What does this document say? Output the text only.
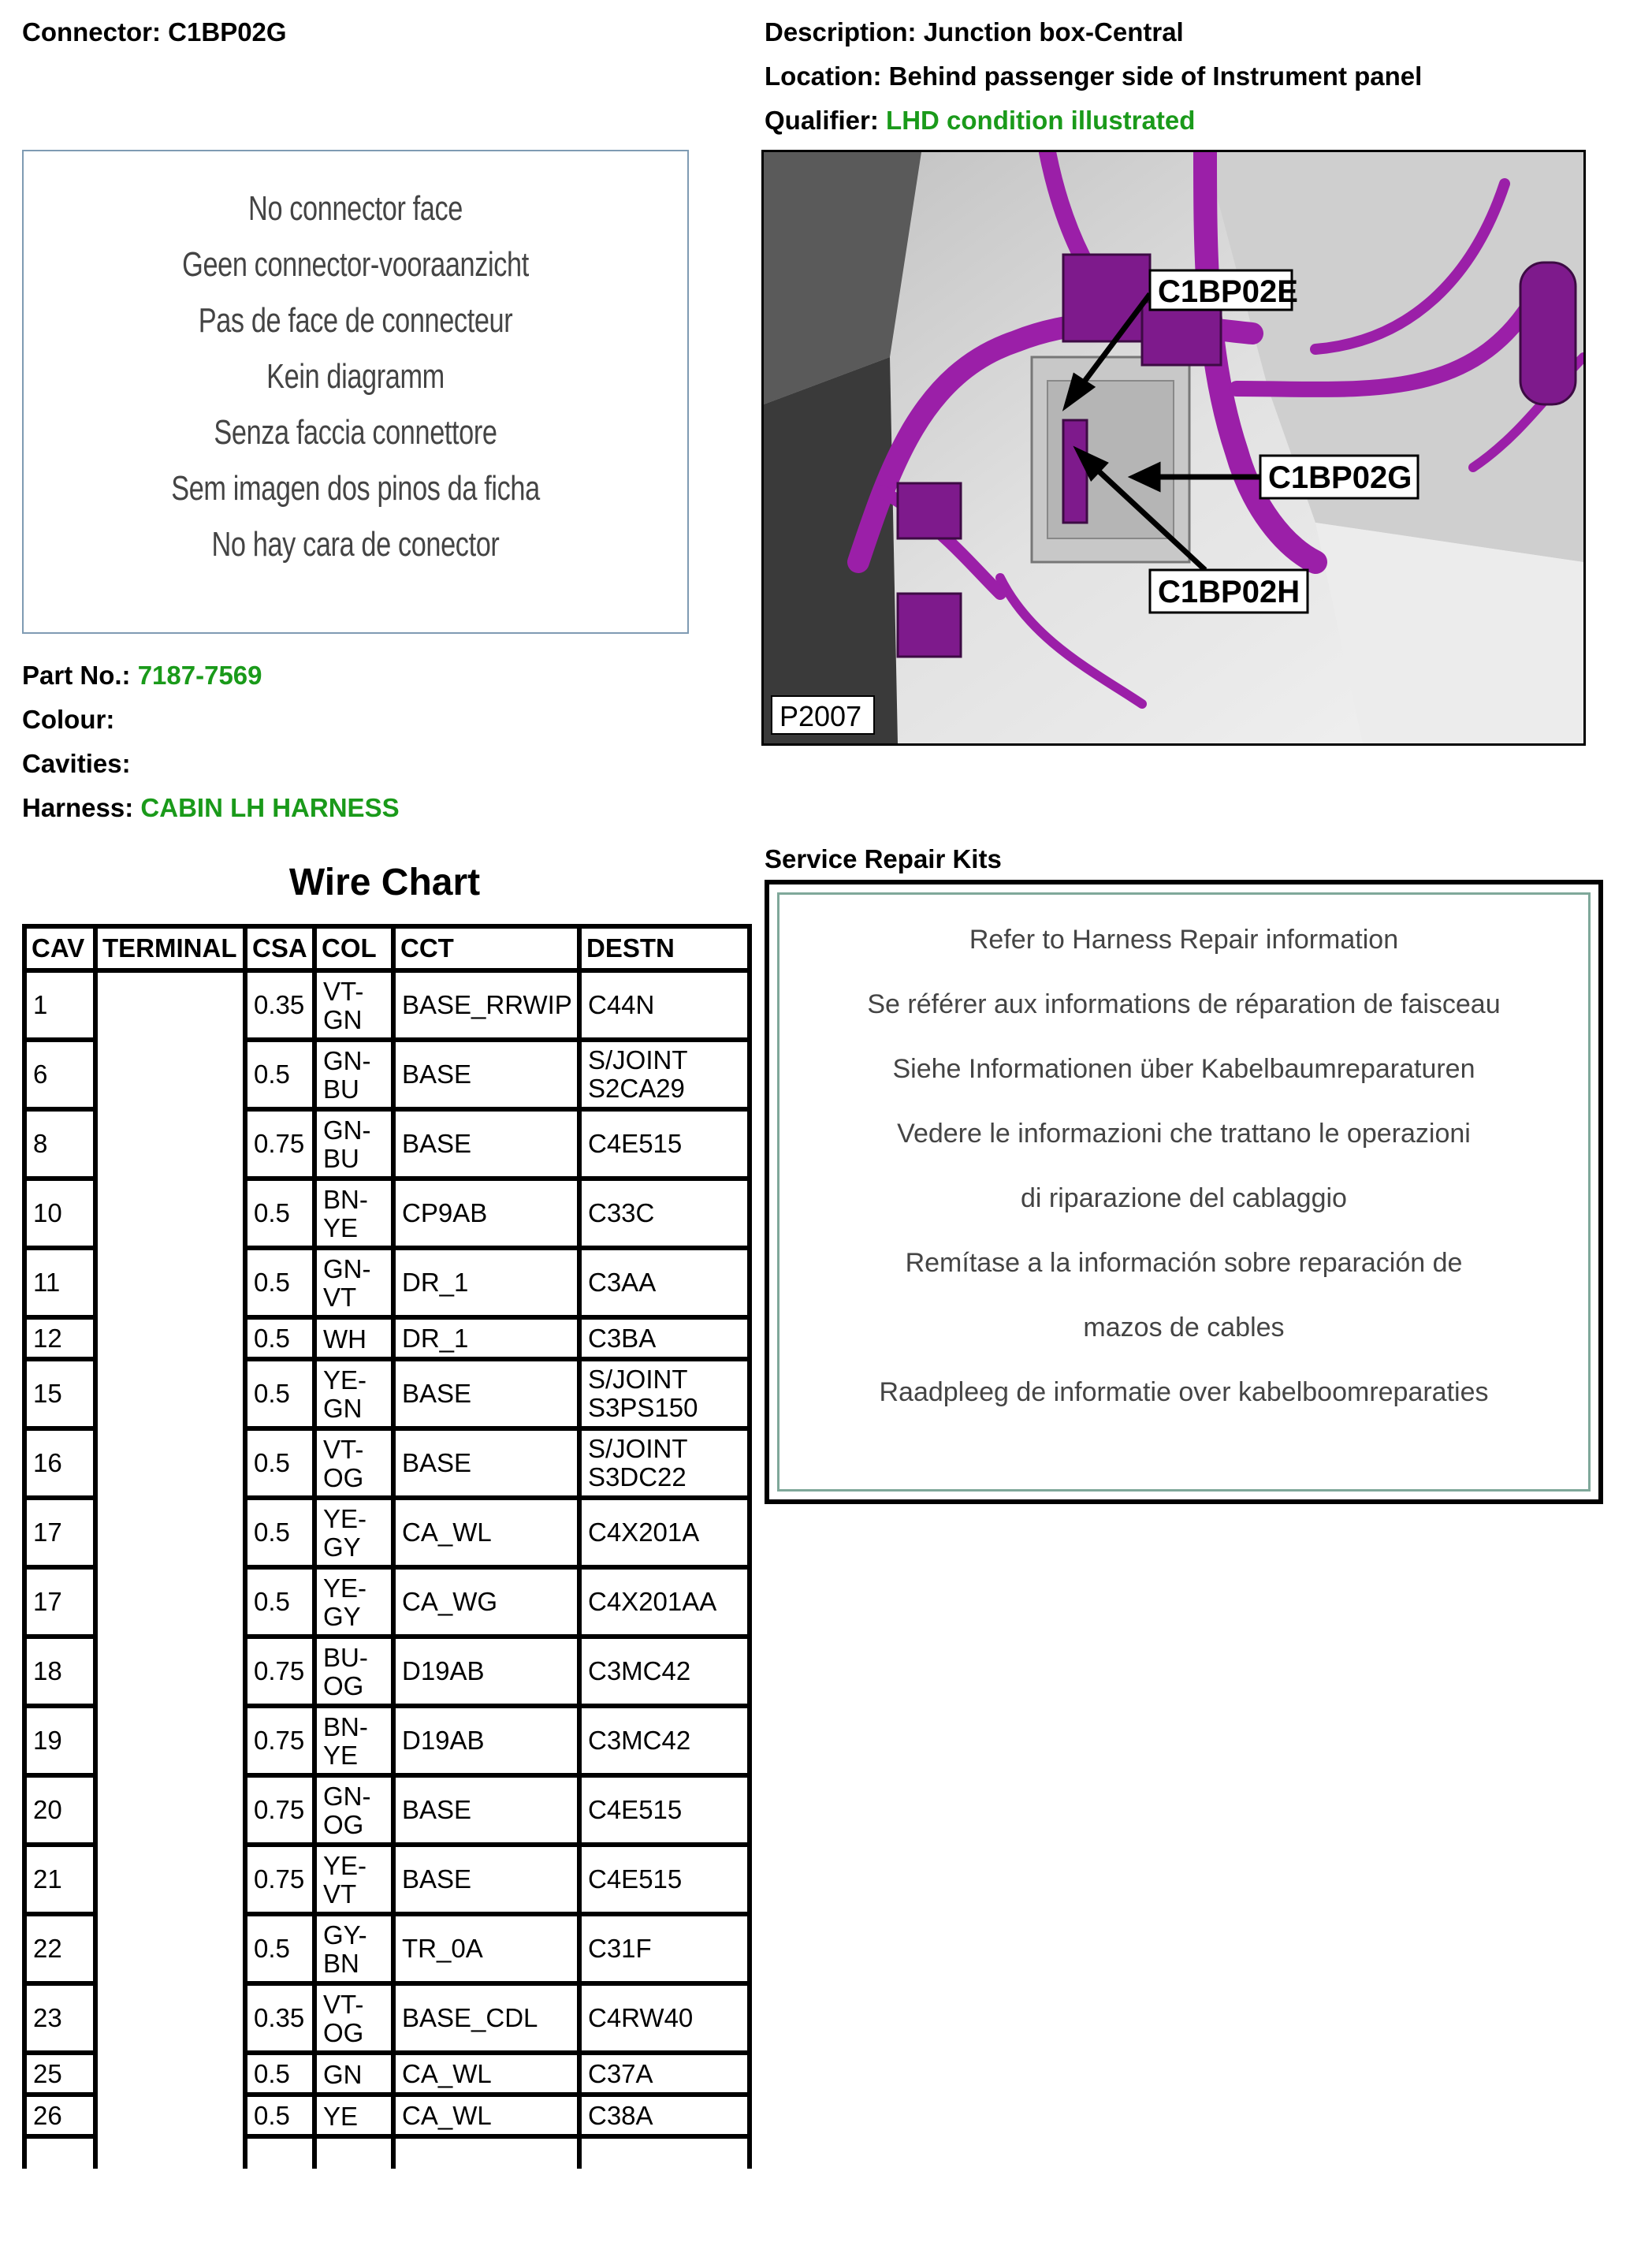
Connector: C1BP02G	Description: Junction box-Central
Location: Behind passenger side of Instrument panel
Qualifier: LHD condition illustrated
No connector face
Geen connector-vooraanzicht
Pas de face de connecteur
Kein diagramm
Senza faccia connettore
Sem imagen dos pinos da ficha
No hay cara de conector
C1BP02E
C1BP02G
C1BP02H
P2007
Part No.: 7187-7569
Colour:
Cavities:
Harness: CABIN LH HARNESS
Wire Chart
CAV	TERMINAL	CSA	COL	CCT	DESTN
1		0.35	VT-GN	BASE_RRWIP	C44N
6		0.5	GN-BU	BASE	S/JOINT S2CA29
8		0.75	GN-BU	BASE	C4E515
10		0.5	BN-YE	CP9AB	C33C
11		0.5	GN-VT	DR_1	C3AA
12		0.5	WH	DR_1	C3BA
15		0.5	YE-GN	BASE	S/JOINT S3PS150
16		0.5	VT-OG	BASE	S/JOINT S3DC22
17		0.5	YE-GY	CA_WL	C4X201A
17		0.5	YE-GY	CA_WG	C4X201AA
18		0.75	BU-OG	D19AB	C3MC42
19		0.75	BN-YE	D19AB	C3MC42
20		0.75	GN-OG	BASE	C4E515
21		0.75	YE-VT	BASE	C4E515
22		0.5	GY-BN	TR_0A	C31F
23		0.35	VT-OG	BASE_CDL	C4RW40
25		0.5	GN	CA_WL	C37A
26		0.5	YE	CA_WL	C38A

Service Repair Kits
Refer to Harness Repair information
Se référer aux informations de réparation de faisceau
Siehe Informationen über Kabelbaumreparaturen
Vedere le informazioni che trattano le operazioni
di riparazione del cablaggio
Remítase a la información sobre reparación de
mazos de cables
Raadpleeg de informatie over kabelboomreparaties
